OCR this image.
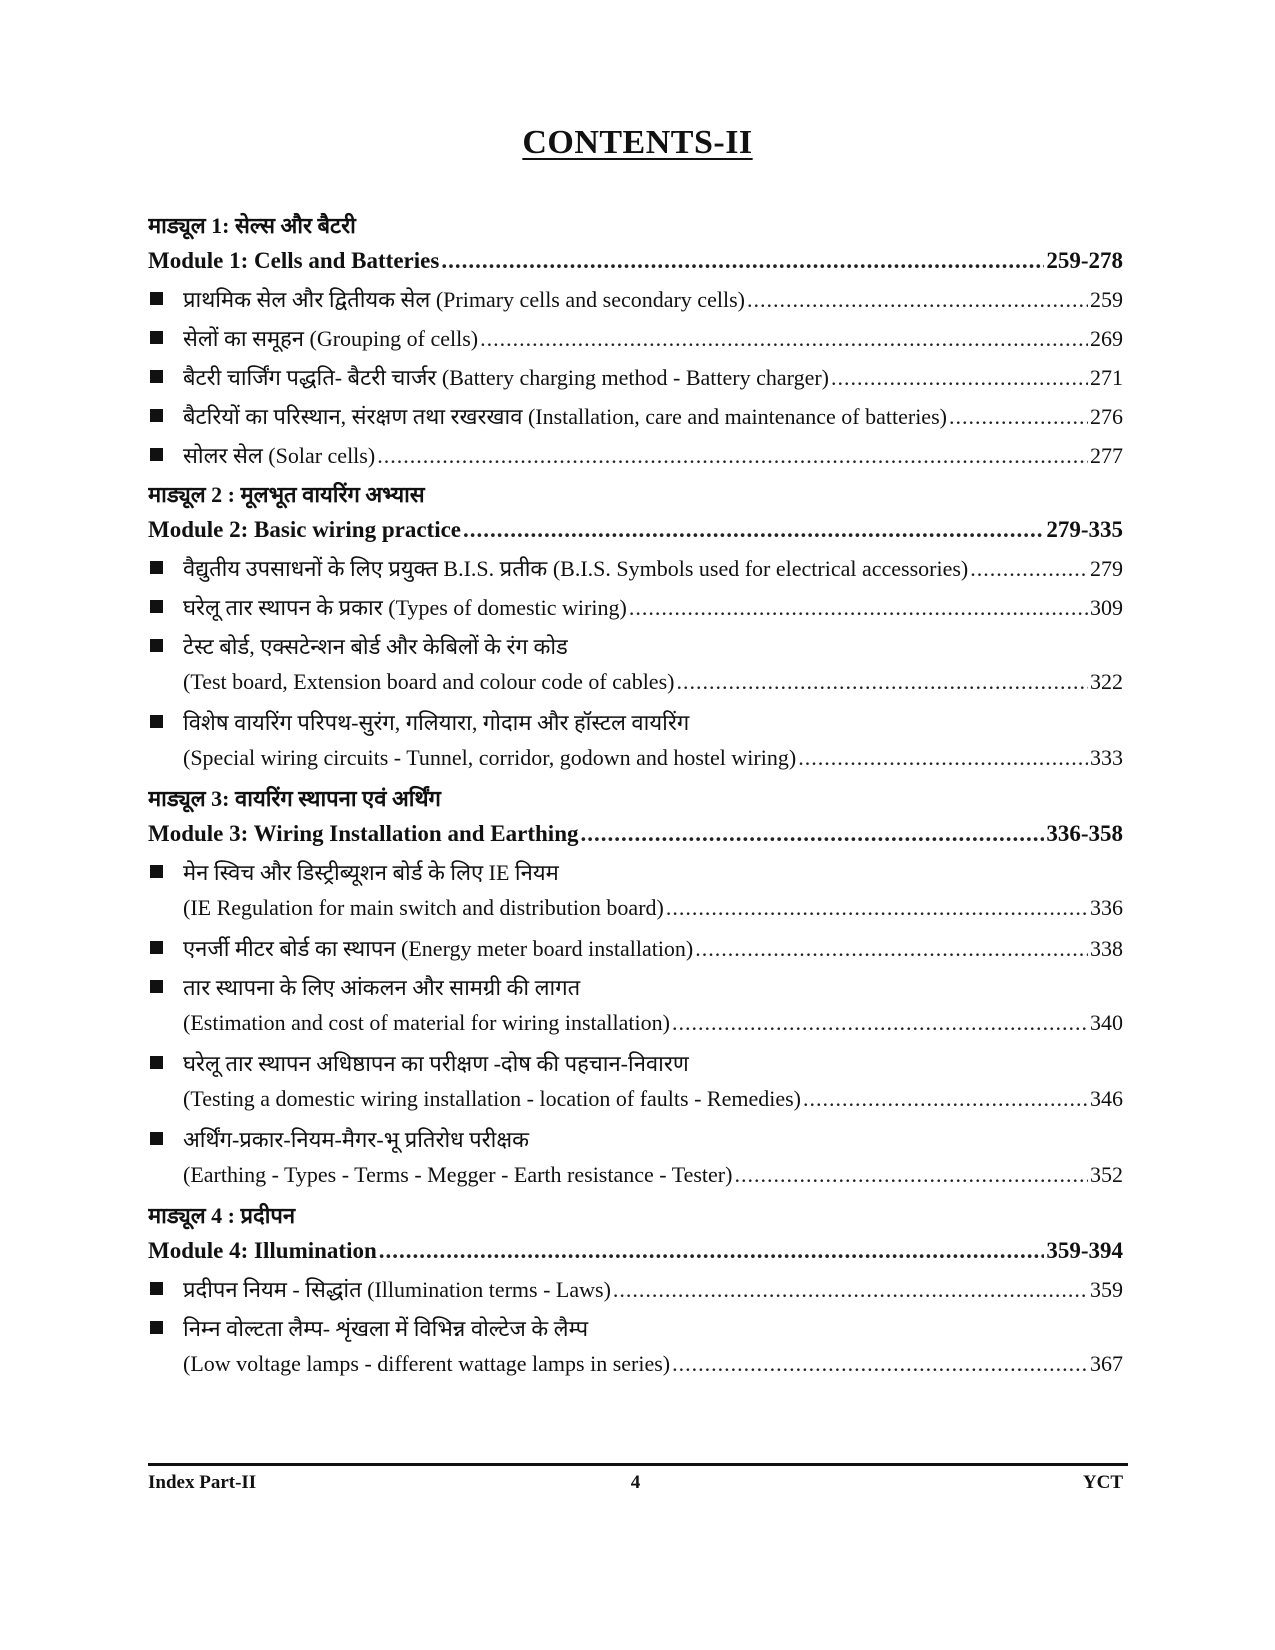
CONTENTS-II
माड्यूल 1: सेल्स और बैटरी
Module 1: Cells and Batteries .....	259-278
प्राथमिक सेल और द्वितीयक सेल (Primary cells and secondary cells) .....	259
सेलों का समूहन (Grouping of cells) .....	269
बैटरी चार्जिंग पद्धति- बैटरी चार्जर (Battery charging method - Battery charger) .....	271
बैटरियों का परिस्थान, संरक्षण तथा रखरखाव (Installation, care and maintenance of batteries) .....	276
सोलर सेल (Solar cells) .....	277
माड्यूल 2 : मूलभूत वायरिंग अभ्यास
Module 2: Basic wiring practice .....	279-335
वैद्युतीय उपसाधनों के लिए प्रयुक्त B.I.S. प्रतीक (B.I.S. Symbols used for electrical accessories) .....	279
घरेलू तार स्थापन के प्रकार (Types of domestic wiring) .....	309
टेस्ट बोर्ड, एक्सटेन्शन बोर्ड और केबिलों के रंग कोड
(Test board, Extension board and colour code of cables) .....	322
विशेष वायरिंग परिपथ-सुरंग, गलियारा, गोदाम और हॉस्टल वायरिंग
(Special wiring circuits - Tunnel, corridor, godown and hostel wiring) .....	333
माड्यूल 3: वायरिंग स्थापना एवं अर्थिंग
Module 3: Wiring Installation and Earthing .....	336-358
मेन स्विच और डिस्ट्रीब्यूशन बोर्ड के लिए IE नियम
(IE Regulation for main switch and distribution board) .....	336
एनर्जी मीटर बोर्ड का स्थापन (Energy meter board installation) .....	338
तार स्थापना के लिए आंकलन और सामग्री की लागत
(Estimation and cost of material for wiring installation) .....	340
घरेलू तार स्थापन अधिष्ठापन का परीक्षण -दोष की पहचान-निवारण
(Testing a domestic wiring installation - location of faults - Remedies) .....	346
अर्थिंग-प्रकार-नियम-मैगर-भू प्रतिरोध परीक्षक
(Earthing - Types - Terms - Megger - Earth resistance - Tester) .....	352
माड्यूल 4 : प्रदीपन
Module 4: Illumination .....	359-394
प्रदीपन नियम - सिद्धांत (Illumination terms - Laws) .....	359
निम्न वोल्टता लैम्प- शृंखला में विभिन्न वोल्टेज के लैम्प
(Low voltage lamps - different wattage lamps in series) .....	367
Index Part-II	4	YCT
